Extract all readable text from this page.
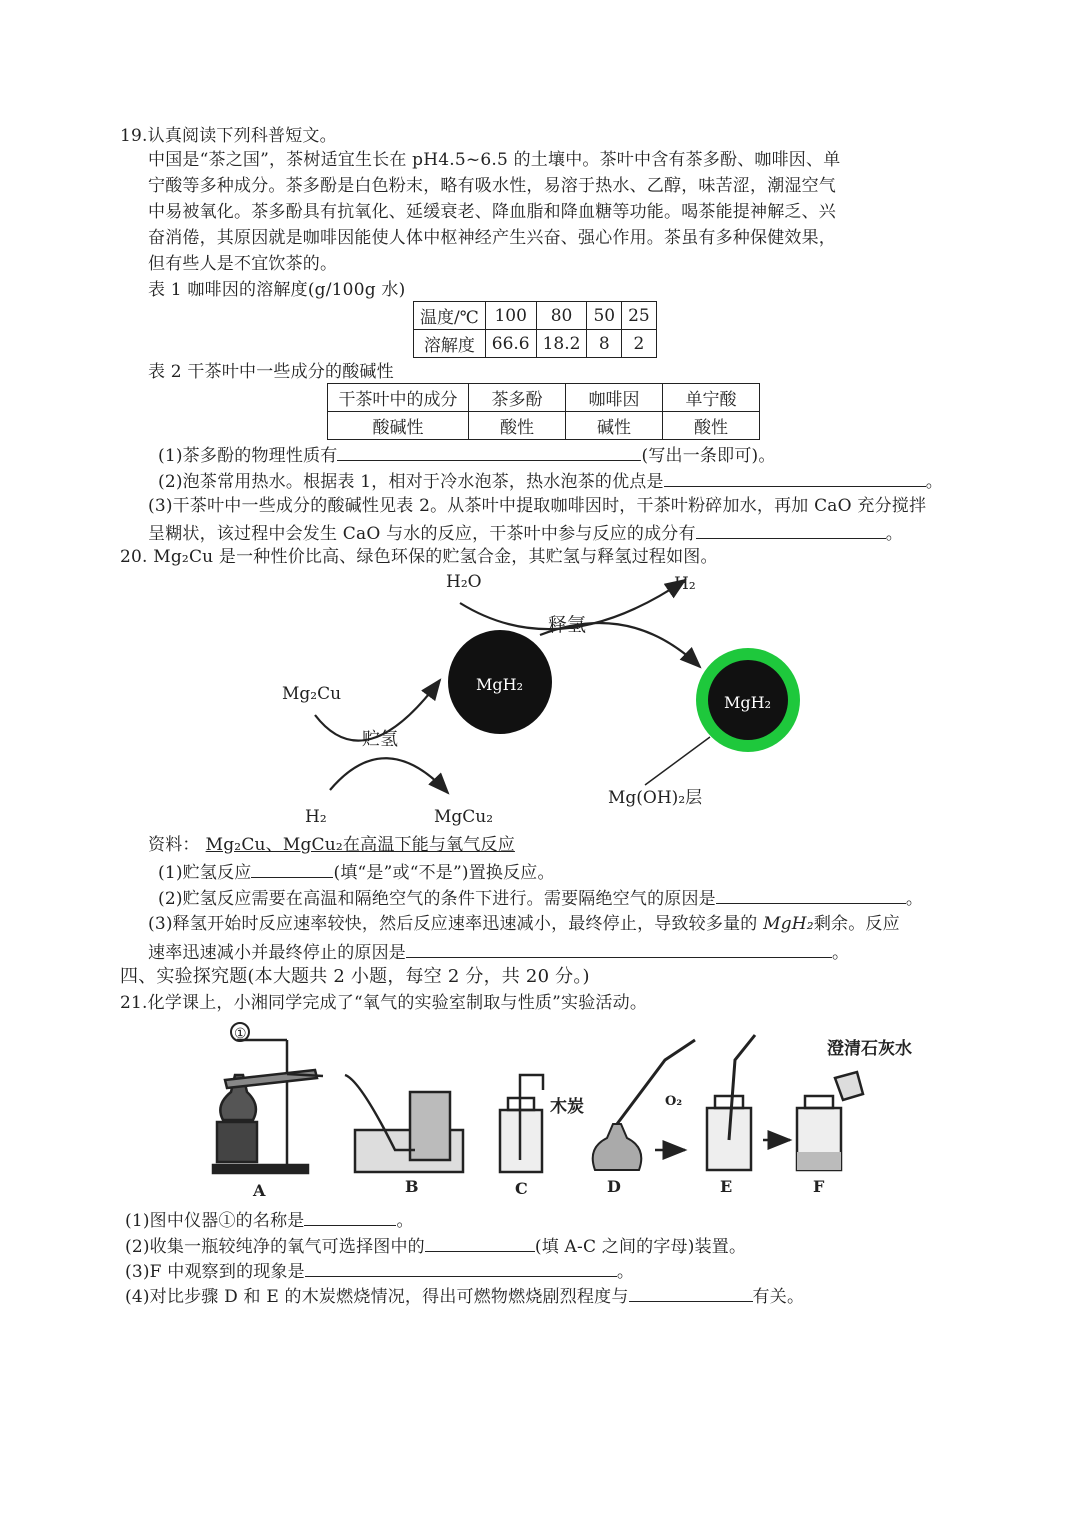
19.认真阅读下列科普短文。
中国是“茶之国”，茶树适宜生长在 pH4.5~6.5 的土壤中。茶叶中含有茶多酚、咖啡因、单
宁酸等多种成分。茶多酚是白色粉末，略有吸水性，易溶于热水、乙醇，味苦涩，潮湿空气
中易被氧化。茶多酚具有抗氧化、延缓衰老、降血脂和降血糖等功能。喝茶能提神解乏、兴
奋消倦，其原因就是咖啡因能使人体中枢神经产生兴奋、强心作用。茶虽有多种保健效果，
但有些人是不宜饮茶的。
表 1 咖啡因的溶解度(g/100g 水)
温度/℃	100	80	50	25
溶解度	66.6	18.2	8	2
表 2 干茶叶中一些成分的酸碱性
干茶叶中的成分	茶多酚	咖啡因	单宁酸
酸碱性	酸性	碱性	酸性
(1)茶多酚的物理性质有	(写出一条即可)。
(2)泡茶常用热水。根据表 1，相对于冷水泡茶，热水泡茶的优点是	。
(3)干茶叶中一些成分的酸碱性见表 2。从茶叶中提取咖啡因时，干茶叶粉碎加水，再加 CaO 充分搅拌
呈糊状，该过程中会发生 CaO 与水的反应，干茶叶中参与反应的成分有	。
20. Mg₂Cu 是一种性价比高、绿色环保的贮氢合金，其贮氢与释氢过程如图。
H₂O	H₂
释氢
MgH₂
MgH₂
Mg₂Cu
贮氢
H₂	MgCu₂
Mg(OH)₂层
资料： Mg₂Cu、MgCu₂在高温下能与氧气反应
(1)贮氢反应	(填“是”或“不是”)置换反应。
(2)贮氢反应需要在高温和隔绝空气的条件下进行。需要隔绝空气的原因是	。
(3)释氢开始时反应速率较快，然后反应速率迅速减小，最终停止，导致较多量的 MgH₂剩余。反应
速率迅速减小并最终停止的原因是	。
四、实验探究题(本大题共 2 小题，每空 2 分，共 20 分。)
21.化学课上，小湘同学完成了“氧气的实验室制取与性质”实验活动。
①
木炭	O₂
澄清石灰水
A	B	C	D	E	F
(1)图中仪器①的名称是	。
(2)收集一瓶较纯净的氧气可选择图中的	(填 A-C 之间的字母)装置。
(3)F 中观察到的现象是	。
(4)对比步骤 D 和 E 的木炭燃烧情况，得出可燃物燃烧剧烈程度与	有关。
